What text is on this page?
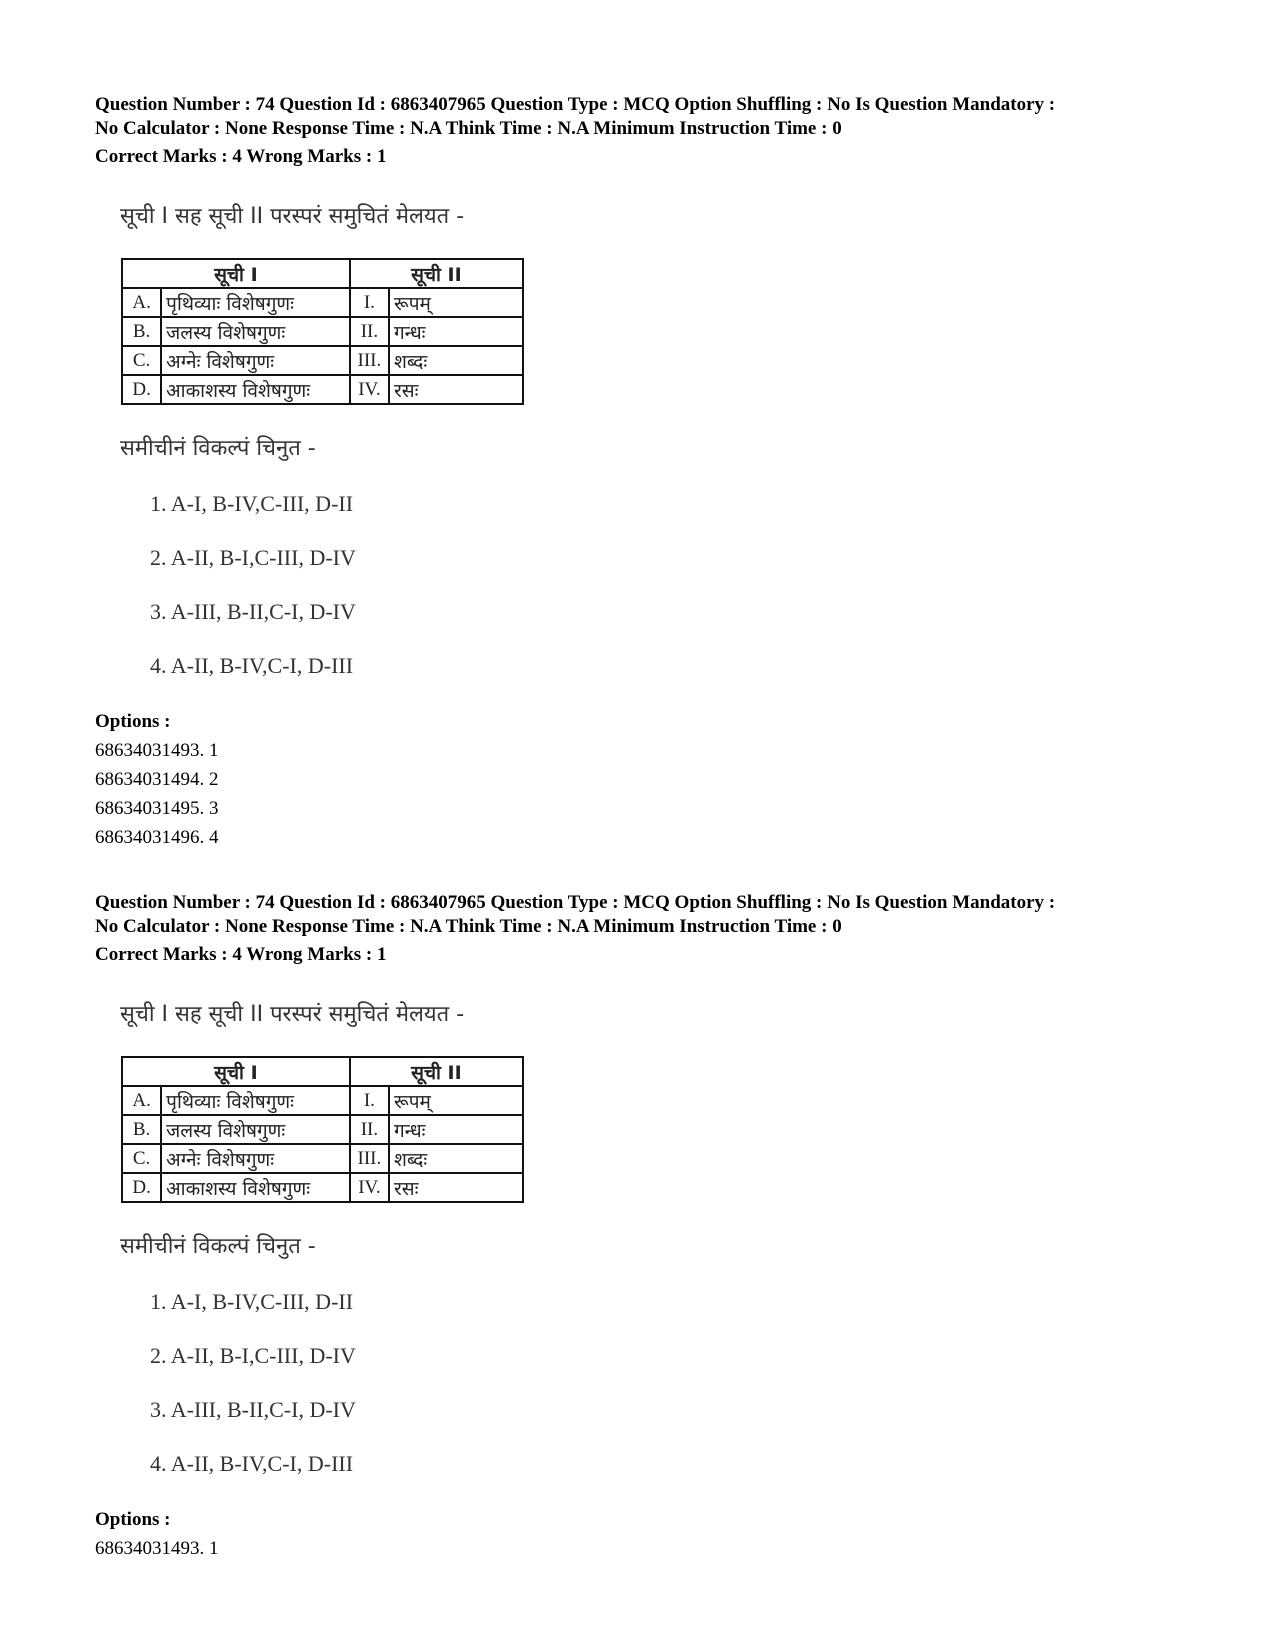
Question Number : 74 Question Id : 6863407965 Question Type : MCQ Option Shuffling : No Is Question Mandatory :
No Calculator : None Response Time : N.A Think Time : N.A Minimum Instruction Time : 0
Correct Marks : 4 Wrong Marks : 1
सूची I सह सूची II परस्परं समुचितं मेलयत -
सूची I		सूची II	
A.	पृथिव्याः विशेषगुणः	I.	रूपम्
B.	जलस्य विशेषगुणः	II.	गन्धः
C.	अग्नेः विशेषगुणः	III.	शब्दः
D.	आकाशस्य विशेषगुणः	IV.	रसः
समीचीनं विकल्पं चिनुत -
1. A-I, B-IV,C-III, D-II
2. A-II, B-I,C-III, D-IV
3. A-III, B-II,C-I, D-IV
4. A-II, B-IV,C-I, D-III
Options :
68634031493. 1
68634031494. 2
68634031495. 3
68634031496. 4
Question Number : 74 Question Id : 6863407965 Question Type : MCQ Option Shuffling : No Is Question Mandatory :
No Calculator : None Response Time : N.A Think Time : N.A Minimum Instruction Time : 0
Correct Marks : 4 Wrong Marks : 1
सूची I सह सूची II परस्परं समुचितं मेलयत -
सूची I		सूची II	
A.	पृथिव्याः विशेषगुणः	I.	रूपम्
B.	जलस्य विशेषगुणः	II.	गन्धः
C.	अग्नेः विशेषगुणः	III.	शब्दः
D.	आकाशस्य विशेषगुणः	IV.	रसः
समीचीनं विकल्पं चिनुत -
1. A-I, B-IV,C-III, D-II
2. A-II, B-I,C-III, D-IV
3. A-III, B-II,C-I, D-IV
4. A-II, B-IV,C-I, D-III
Options :
68634031493. 1
